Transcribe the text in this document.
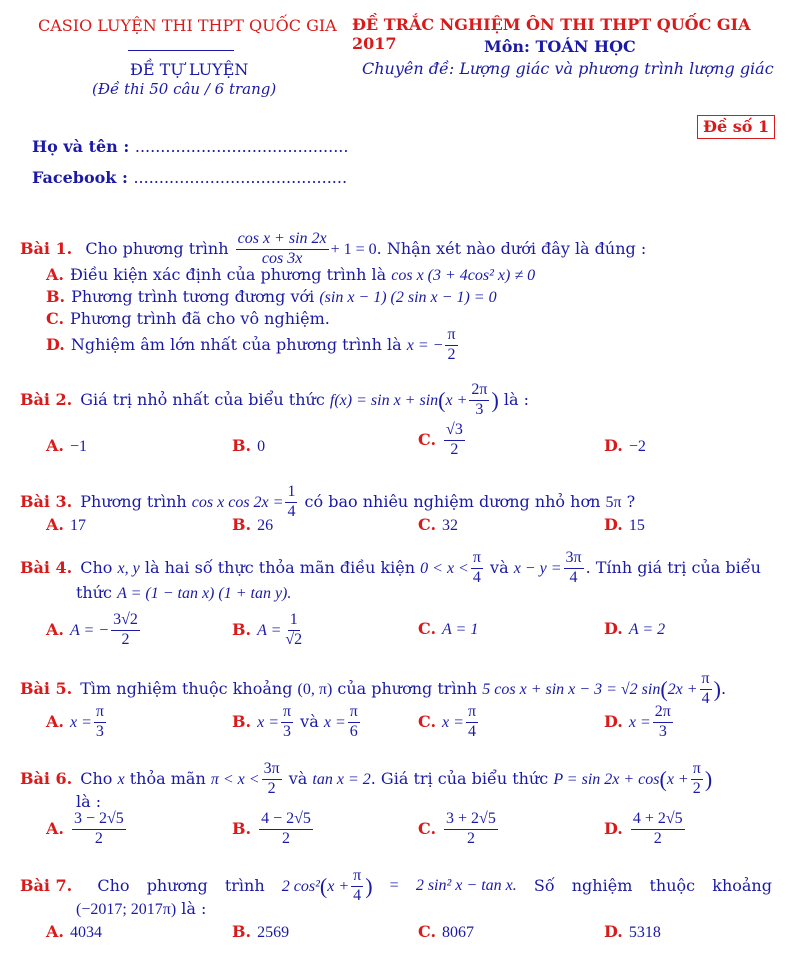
CASIO LUYỆN THI THPT QUỐC GIA
ĐỀ TỰ LUYỆN
(Đề thi 50 câu / 6 trang)
ĐỀ TRẮC NGHIỆM ÔN THI THPT QUỐC GIA 2017	Môn: TOÁN HỌC
Chuyên đề: Lượng giác và phương trình lượng giác
Đề số 1
Họ và tên : ..........................................
Facebook : ..........................................
Bài 1. Cho phương trình $\frac{\text{cos x + sin 2x}}{\cos 3x} + 1 = 0$. Nhận xét nào dưới đây là đúng :
A. Điều kiện xác định của phương trình là cos x (3 + 4cos² x) ≠ 0
B. Phương trình tương đương với (sin x − 1) (2 sin x − 1) = 0
C. Phương trình đã cho vô nghiệm.
D. Nghiệm âm lớn nhất của phương trình là x = − $\frac{\pi}{2}$
Bài 2. Giá trị nhỏ nhất của biểu thức $f(x) = \sin x + \sin(x + \frac{2\pi}{3}$ ) là :
A. −1	B. 0	C. $\frac{√3}{2}$	D. −2
Bài 3. Phương trình cos x $\cos 2x = \frac{1}{4}$ có bao nhiêu nghiệm dương nhỏ hơn 5π ?
A. 17	B. 26	C. 32	D. 15
Bài 4. Cho x, y là hai số thực thỏa mãn điều kiện $0 < x < \frac{\pi}{4}$ và $x - y = \frac{3\pi}{4}$ . Tính giá trị của biểu
thức A = (1 − tan x) (1 + tan y).
A. A = − $\frac{3√2}{2}$	B. $A = \frac{1}{√2}$	C. A = 1	D. A = 2
Bài 5. Tìm nghiệm thuộc khoảng (0, π) của phương trình 5 cos x + sin x − 3 = √2 $\sin(2x + \frac{\pi}{4}$ ).
A. $x = \frac{\pi}{3}$	B. $x = \frac{\pi}{3}$ và $x = \frac{\pi}{6}$	C. $x = \frac{\pi}{4}$	D. $x = \frac{2\pi}{3}$
Bài 6. Cho x thỏa mãn $\pi < x < \frac{3\pi}{2}$ và tan x = 2. Giá trị của biểu thức $P = \sin 2x + \cos(x + \frac{\pi}{2}$ )
là :
A. $\frac{3 - 2√5}{2}$	B. $\frac{4 - 2√5}{2}$	C. $\frac{3 + 2√5}{2}$	D. $\frac{4 + 2√5}{2}$
Bài 7. Cho phương trình 2 $\cos^2(x + \frac{\pi}{4}$ ) = 2 sin² x − tan x. Số nghiệm thuộc khoảng
(−2017; 2017π) là :
A. 4034	B. 2569	C. 8067	D. 5318
